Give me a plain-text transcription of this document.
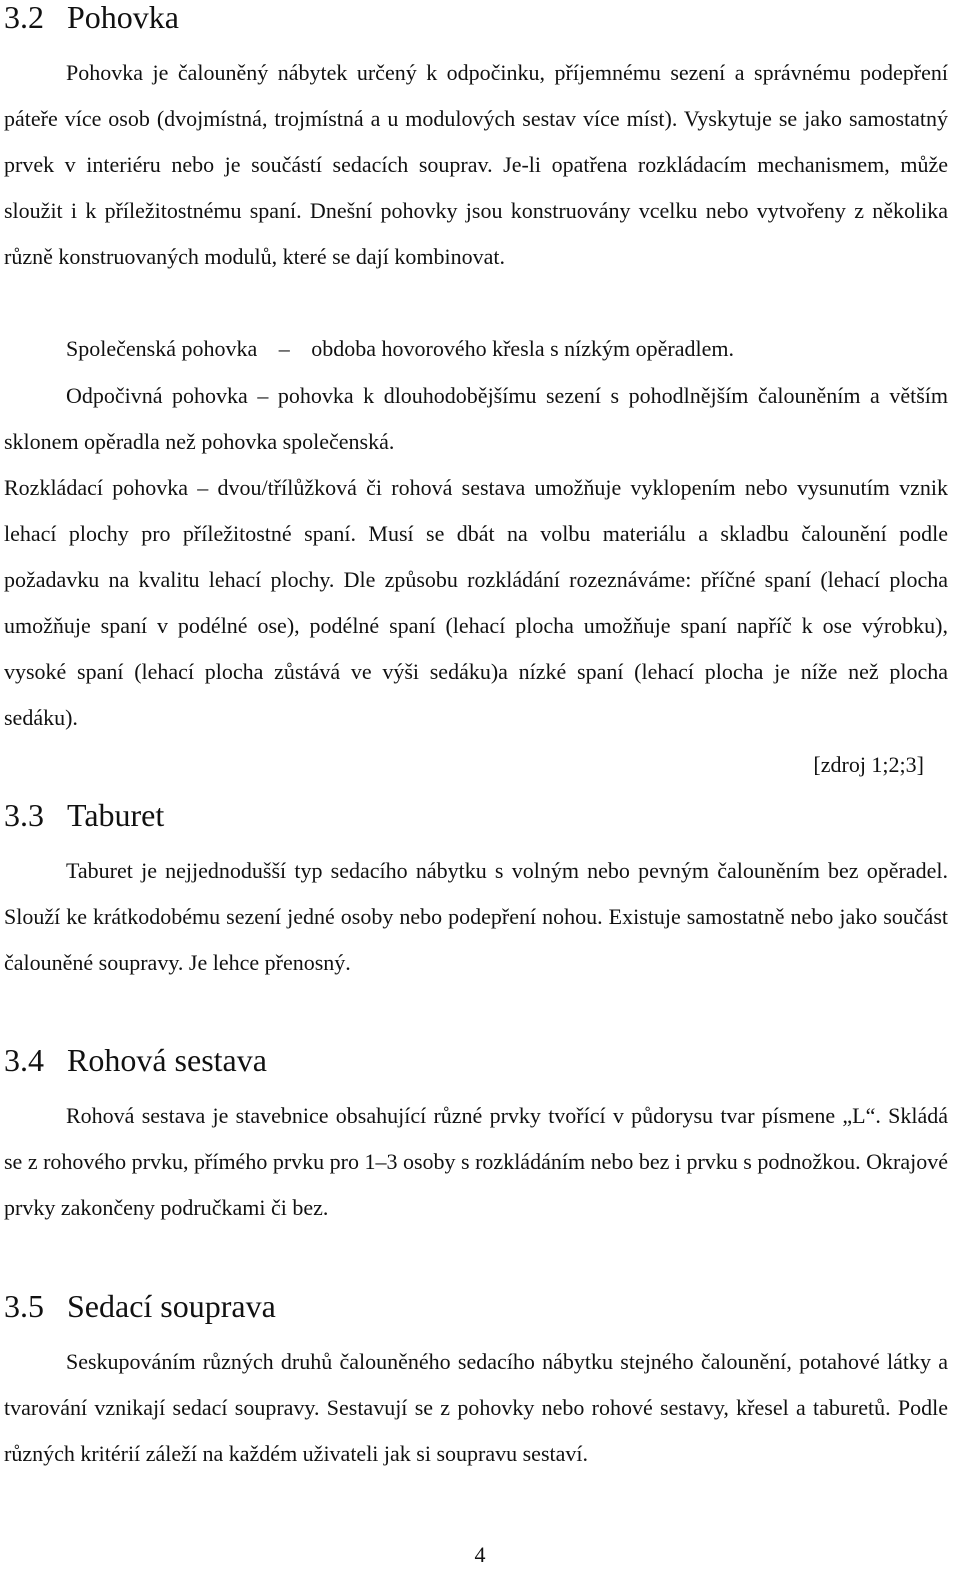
3.2 Pohovka

Pohovka je čalouněný nábytek určený k odpočinku, příjemnému sezení a správnému podepření páteře více osob (dvojmístná, trojmístná a u modulových sestav více míst). Vyskytuje se jako samostatný prvek v interiéru nebo je součástí sedacích souprav. Je-li opatřena rozkládacím mechanismem, může sloužit i k příležitostnému spaní. Dnešní pohovky jsou konstruovány vcelku nebo vytvořeny z několika různě konstruovaných modulů, které se dají kombinovat.

Společenská pohovka – obdoba hovorového křesla s nízkým opěradlem.

Odpočivná pohovka – pohovka k dlouhodobějšímu sezení s pohodlnějším čalouněním a větším sklonem opěradla než pohovka společenská.

Rozkládací pohovka – dvou/třílůžková či rohová sestava umožňuje vyklopením nebo vysunutím vznik lehací plochy pro příležitostné spaní. Musí se dbát na volbu materiálu a skladbu čalounění podle požadavku na kvalitu lehací plochy. Dle způsobu rozkládání rozeznáváme: příčné spaní (lehací plocha umožňuje spaní v podélné ose), podélné spaní (lehací plocha umožňuje spaní napříč k ose výrobku), vysoké spaní (lehací plocha zůstává ve výši sedáku)a nízké spaní (lehací plocha je níže než plocha sedáku).

[zdroj 1;2;3]

3.3 Taburet

Taburet je nejjednodušší typ sedacího nábytku s volným nebo pevným čalouněním bez opěradel. Slouží ke krátkodobému sezení jedné osoby nebo podepření nohou. Existuje samostatně nebo jako součást čalouněné soupravy. Je lehce přenosný.

3.4 Rohová sestava

Rohová sestava je stavebnice obsahující různé prvky tvořící v půdorysu tvar písmene „L“. Skládá se z rohového prvku, přímého prvku pro 1–3 osoby s rozkládáním nebo bez i prvku s podnožkou. Okrajové prvky zakončeny područkami či bez.

3.5 Sedací souprava

Seskupováním různých druhů čalouněného sedacího nábytku stejného čalounění, potahové látky a tvarování vznikají sedací soupravy. Sestavují se z pohovky nebo rohové sestavy, křesel a taburetů. Podle různých kritérií záleží na každém uživateli jak si soupravu sestaví.

4
